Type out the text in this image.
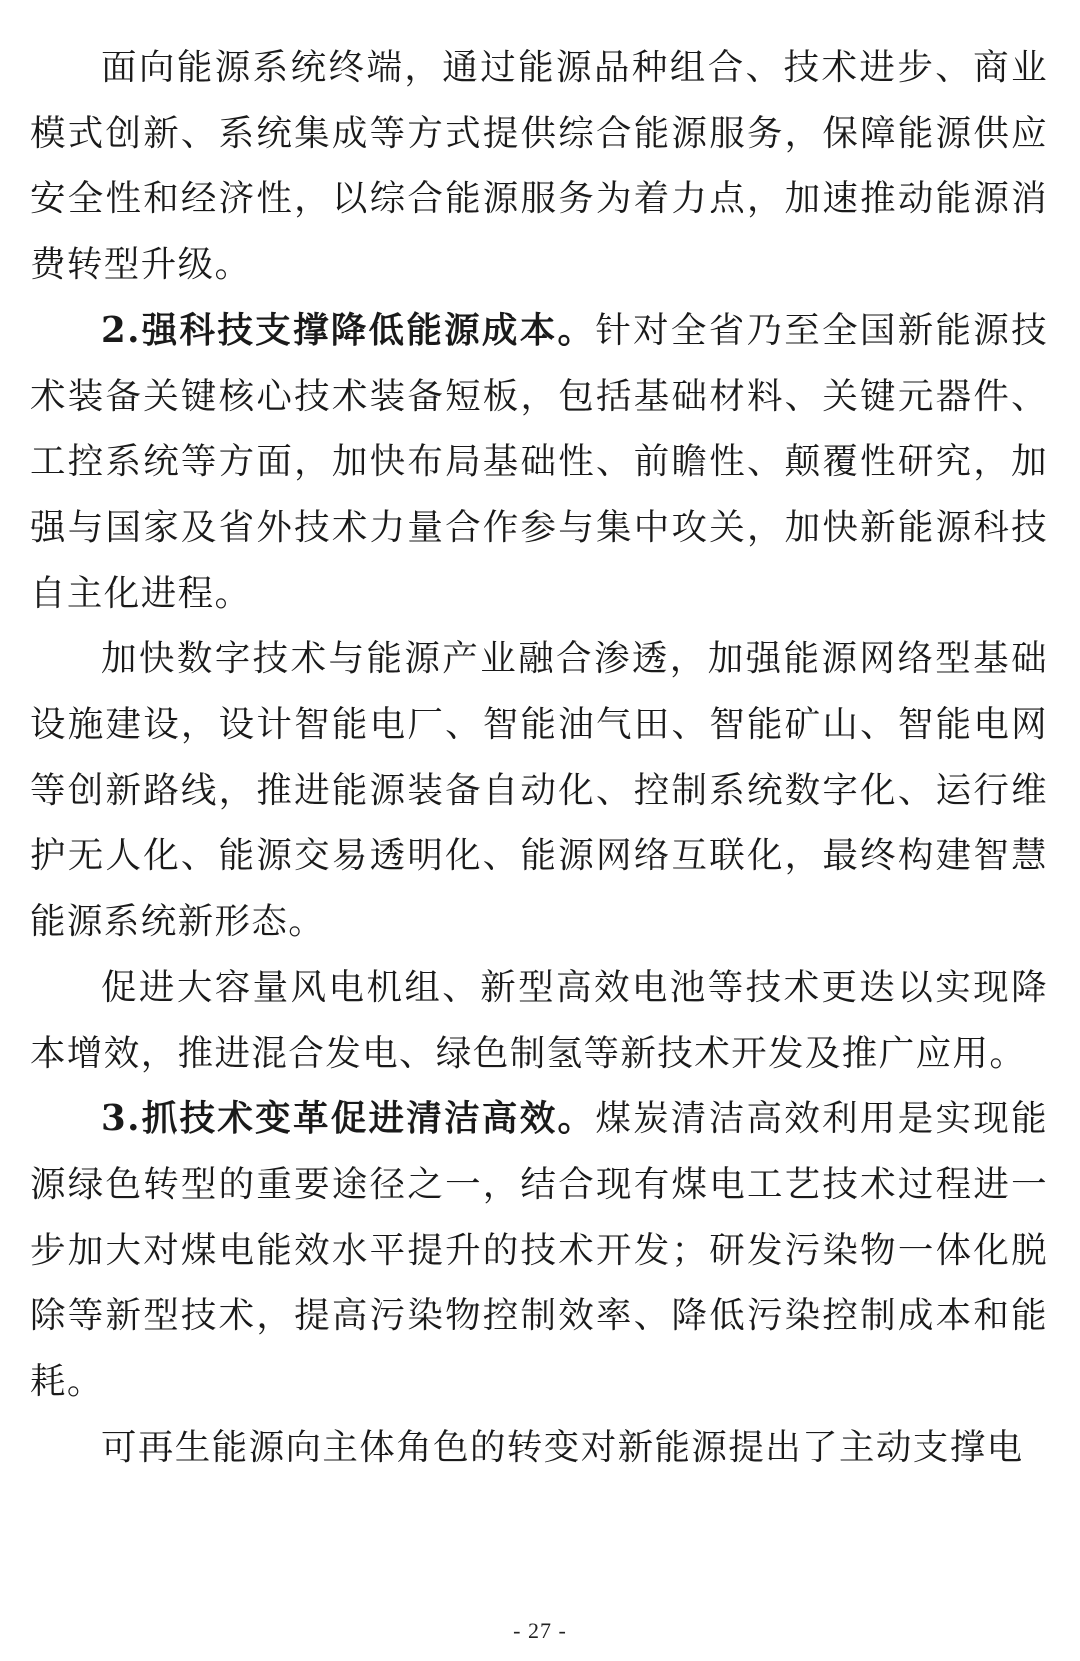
面向能源系统终端，通过能源品种组合、技术进步、商业模式创新、系统集成等方式提供综合能源服务，保障能源供应安全性和经济性，以综合能源服务为着力点，加速推动能源消费转型升级。

2.强科技支撑降低能源成本。针对全省乃至全国新能源技术装备关键核心技术装备短板，包括基础材料、关键元器件、工控系统等方面，加快布局基础性、前瞻性、颠覆性研究，加强与国家及省外技术力量合作参与集中攻关，加快新能源科技自主化进程。

加快数字技术与能源产业融合渗透，加强能源网络型基础设施建设，设计智能电厂、智能油气田、智能矿山、智能电网等创新路线，推进能源装备自动化、控制系统数字化、运行维护无人化、能源交易透明化、能源网络互联化，最终构建智慧能源系统新形态。

促进大容量风电机组、新型高效电池等技术更迭以实现降本增效，推进混合发电、绿色制氢等新技术开发及推广应用。

3.抓技术变革促进清洁高效。煤炭清洁高效利用是实现能源绿色转型的重要途径之一，结合现有煤电工艺技术过程进一步加大对煤电能效水平提升的技术开发；研发污染物一体化脱除等新型技术，提高污染物控制效率、降低污染控制成本和能耗。

可再生能源向主体角色的转变对新能源提出了主动支撑电

- 27 -
